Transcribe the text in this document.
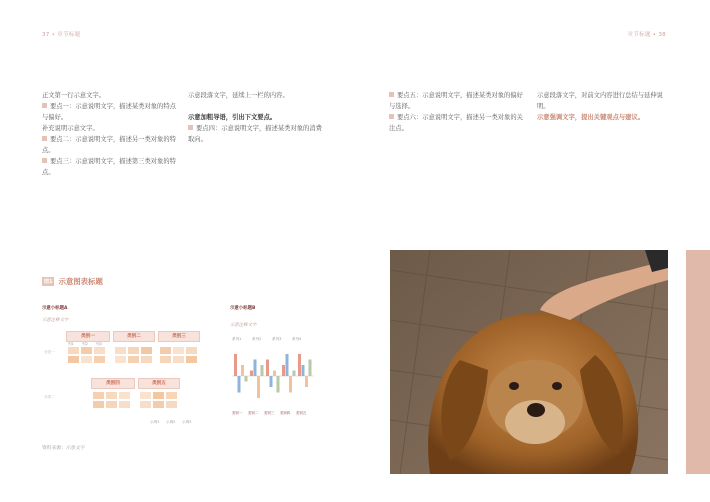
37 • 章节标题

正文第一行示意文字。

要点一：示意说明文字，描述某类对象的特点与偏好。

补充说明示意文字。

要点二：示意说明文字，描述另一类对象的特点。

要点三：示意说明文字，描述第三类对象的特点。

示意段落文字，延续上一栏的内容。

示意加粗导语，引出下文要点。

要点四：示意说明文字，描述某类对象的消费取向。

图1 示意图表标题
示意小标题A
示意注释文字
类别一	类别二	类别三
类别四	类别五
列1 列2 列3
分类一
分类二
示例1 示例2 示例3
示意小标题B
示意注释文字
系列1	系列2	系列3	系列4
类别一 类别二 类别三 类别四 类别五
资料来源：示意文字
章节标题 • 38

要点五：示意说明文字，描述某类对象的偏好与选择。

要点六：示意说明文字，描述另一类对象的关注点。

示意段落文字，对前文内容进行总结与延伸说明。

示意强调文字，提出关键观点与建议。
